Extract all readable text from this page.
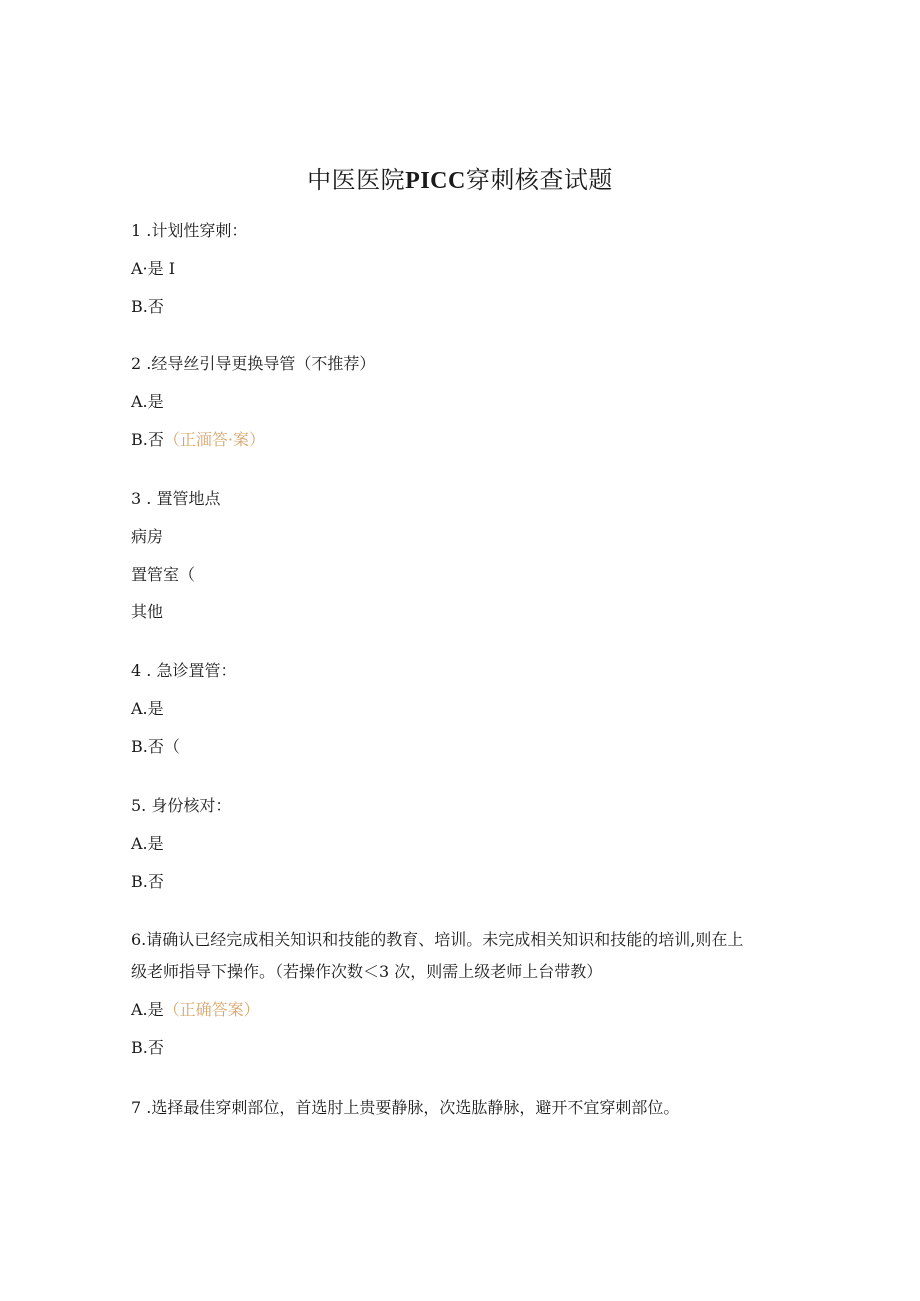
中医医院PICC穿刺核查试题
1 .计划性穿刺：
A·是 I
B.否
2 .经导丝引导更换导管（不推荐）
A.是
B.否（正湎答·案）
3 . 置管地点
病房
置管室（
其他
4 . 急诊置管：
A.是
B.否（
5. 身份核对：
A.是
B.否
6.请确认已经完成相关知识和技能的教育、培训。未完成相关知识和技能的培训,则在上
级老师指导下操作。（若操作次数＜3 次，则需上级老师上台带教）
A.是（正确答案）
B.否
7 .选择最佳穿刺部位，首选肘上贵要静脉，次选肱静脉，避开不宜穿刺部位。
